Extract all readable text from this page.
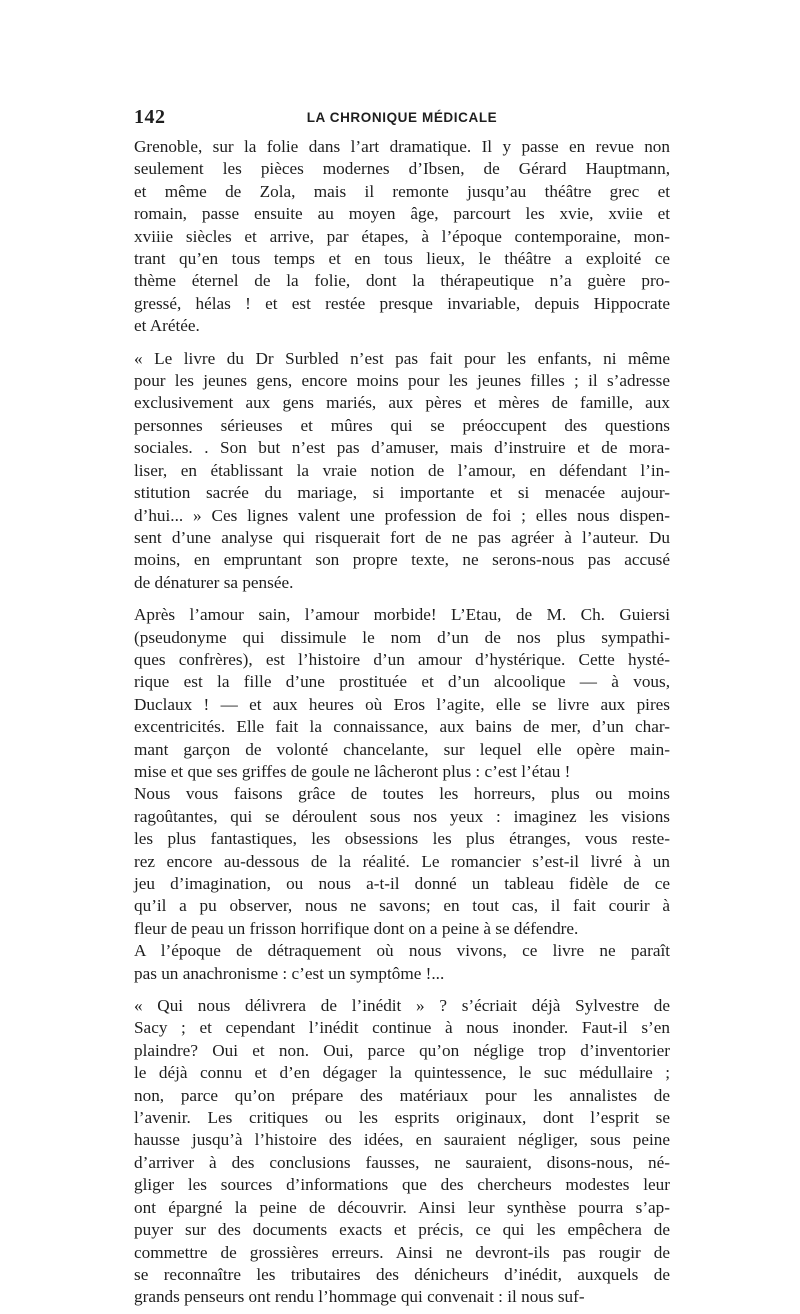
142	LA CHRONIQUE MÉDICALE
Grenoble, sur la folie dans l’art dramatique. Il y passe en revue non
seulement les pièces modernes d’Ibsen, de Gérard Hauptmann,
et même de Zola, mais il remonte jusqu’au théâtre grec et
romain, passe ensuite au moyen âge, parcourt les xvie, xviie et
xviiie siècles et arrive, par étapes, à l’époque contemporaine, mon-
trant qu’en tous temps et en tous lieux, le théâtre a exploité ce
thème éternel de la folie, dont la thérapeutique n’a guère pro-
gressé, hélas ! et est restée presque invariable, depuis Hippocrate
et Arétée.
« Le livre du Dr Surbled n’est pas fait pour les enfants, ni même
pour les jeunes gens, encore moins pour les jeunes filles ; il s’adresse
exclusivement aux gens mariés, aux pères et mères de famille, aux
personnes sérieuses et mûres qui se préoccupent des questions
sociales. . Son but n’est pas d’amuser, mais d’instruire et de mora-
liser, en établissant la vraie notion de l’amour, en défendant l’in-
stitution sacrée du mariage, si importante et si menacée aujour-
d’hui... » Ces lignes valent une profession de foi ; elles nous dispen-
sent d’une analyse qui risquerait fort de ne pas agréer à l’auteur. Du
moins, en empruntant son propre texte, ne serons-nous pas accusé
de dénaturer sa pensée.
Après l’amour sain, l’amour morbide! L’Etau, de M. Ch. Guiersi
(pseudonyme qui dissimule le nom d’un de nos plus sympathi-
ques confrères), est l’histoire d’un amour d’hystérique. Cette hysté-
rique est la fille d’une prostituée et d’un alcoolique — à vous,
Duclaux ! — et aux heures où Eros l’agite, elle se livre aux pires
excentricités. Elle fait la connaissance, aux bains de mer, d’un char-
mant garçon de volonté chancelante, sur lequel elle opère main-
mise et que ses griffes de goule ne lâcheront plus : c’est l’étau !
Nous vous faisons grâce de toutes les horreurs, plus ou moins
ragoûtantes, qui se déroulent sous nos yeux : imaginez les visions
les plus fantastiques, les obsessions les plus étranges, vous reste-
rez encore au-dessous de la réalité. Le romancier s’est-il livré à un
jeu d’imagination, ou nous a-t-il donné un tableau fidèle de ce
qu’il a pu observer, nous ne savons; en tout cas, il fait courir à
fleur de peau un frisson horrifique dont on a peine à se défendre.
A l’époque de détraquement où nous vivons, ce livre ne paraît
pas un anachronisme : c’est un symptôme !...
« Qui nous délivrera de l’inédit » ? s’écriait déjà Sylvestre de
Sacy ; et cependant l’inédit continue à nous inonder. Faut-il s’en
plaindre? Oui et non. Oui, parce qu’on néglige trop d’inventorier
le déjà connu et d’en dégager la quintessence, le suc médullaire ;
non, parce qu’on prépare des matériaux pour les annalistes de
l’avenir. Les critiques ou les esprits originaux, dont l’esprit se
hausse jusqu’à l’histoire des idées, en sauraient négliger, sous peine
d’arriver à des conclusions fausses, ne sauraient, disons-nous, né-
gliger les sources d’informations que des chercheurs modestes leur
ont épargné la peine de découvrir. Ainsi leur synthèse pourra s’ap-
puyer sur des documents exacts et précis, ce qui les empêchera de
commettre de grossières erreurs. Ainsi ne devront-ils pas rougir de
se reconnaître les tributaires des dénicheurs d’inédit, auxquels de
grands penseurs ont rendu l’hommage qui convenait : il nous suf-
